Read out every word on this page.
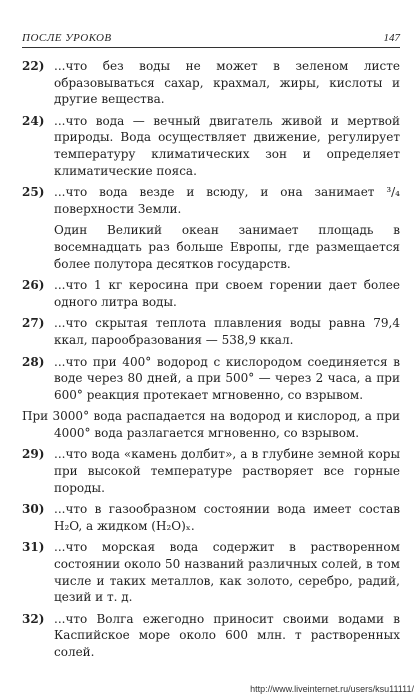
ПОСЛЕ УРОКОВ	147
22) ...что без воды не может в зеленом листе образовываться сахар, крахмал, жиры, кислоты и другие вещества.
24) ...что вода — вечный двигатель живой и мертвой природы. Вода осуществляет движение, регулирует температуру климатических зон и определяет климатические пояса.
25) ...что вода везде и всюду, и она занимает ³/₄ поверхности Земли.
Один Великий океан занимает площадь в восемнадцать раз больше Европы, где размещается более полутора десятков государств.
26) ...что 1 кг керосина при своем горении дает более одного литра воды.
27) ...что скрытая теплота плавления воды равна 79,4 ккал, парообразования — 538,9 ккал.
28) ...что при 400° водород с кислородом соединяется в воде через 80 дней, а при 500° — через 2 часа, а при 600° реакция протекает мгновенно, со взрывом.
При 3000° вода распадается на водород и кислород, а при 4000° вода разлагается мгновенно, со взрывом.
29) ...что вода «камень долбит», а в глубине земной коры при высокой температуре растворяет все горные породы.
30) ...что в газообразном состоянии вода имеет состав H₂O, а жидком (H₂O)ₓ.
31) ...что морская вода содержит в растворенном состоянии около 50 названий различных солей, в том числе и таких металлов, как золото, серебро, радий, цезий и т. д.
32) ...что Волга ежегодно приносит своими водами в Каспийское море около 600 млн. т растворенных солей.
http://www.liveinternet.ru/users/ksu11111/
